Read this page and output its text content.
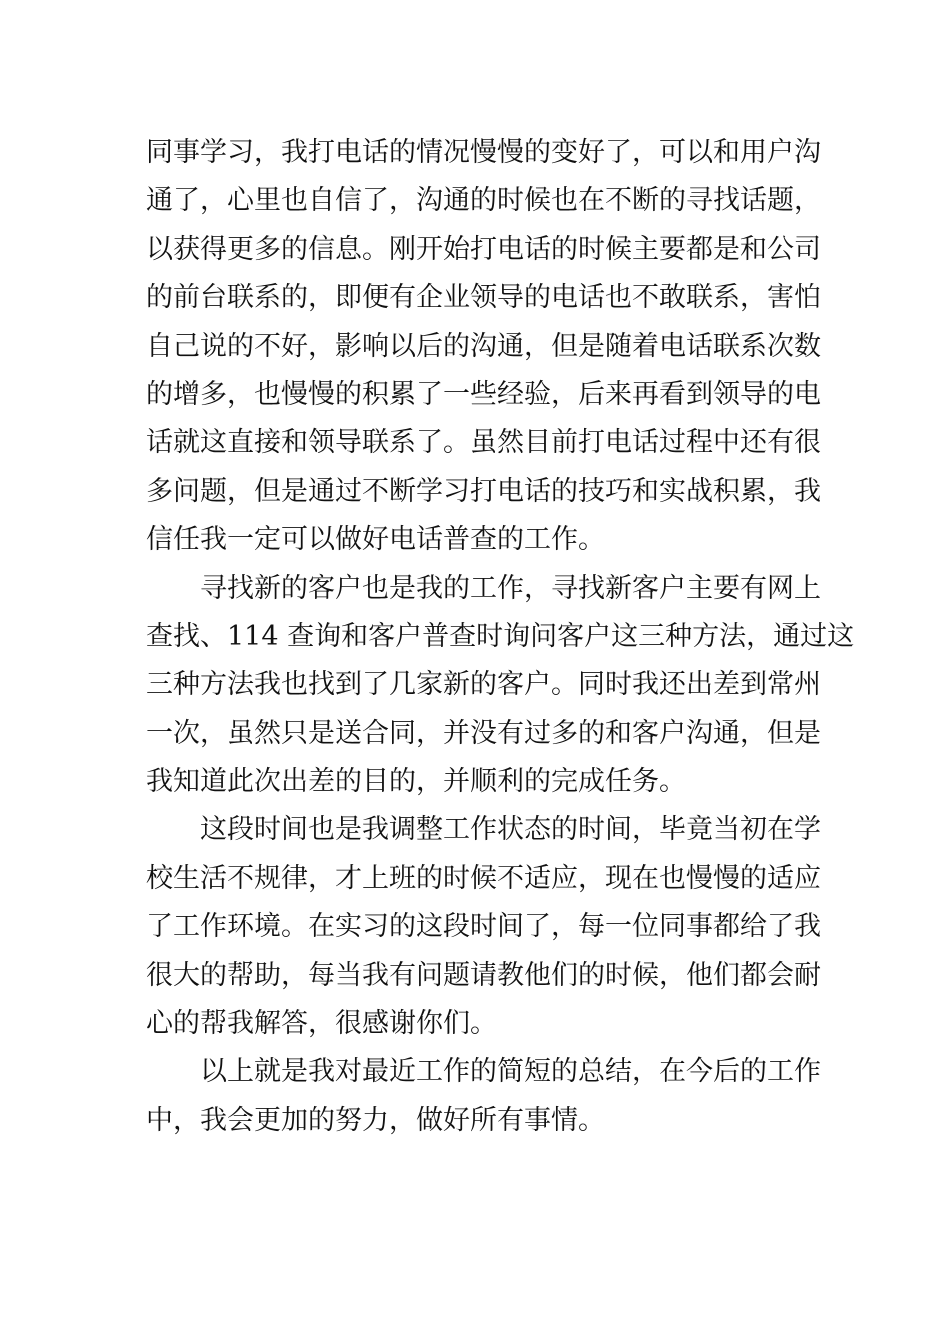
同事学习，我打电话的情况慢慢的变好了，可以和用户沟
通了，心里也自信了，沟通的时候也在不断的寻找话题，
以获得更多的信息。刚开始打电话的时候主要都是和公司
的前台联系的，即便有企业领导的电话也不敢联系，害怕
自己说的不好，影响以后的沟通，但是随着电话联系次数
的增多，也慢慢的积累了一些经验，后来再看到领导的电
话就这直接和领导联系了。虽然目前打电话过程中还有很
多问题，但是通过不断学习打电话的技巧和实战积累，我
信任我一定可以做好电话普查的工作。
寻找新的客户也是我的工作，寻找新客户主要有网上
查找、114 查询和客户普查时询问客户这三种方法，通过这
三种方法我也找到了几家新的客户。同时我还出差到常州
一次，虽然只是送合同，并没有过多的和客户沟通，但是
我知道此次出差的目的，并顺利的完成任务。
这段时间也是我调整工作状态的时间，毕竟当初在学
校生活不规律，才上班的时候不适应，现在也慢慢的适应
了工作环境。在实习的这段时间了，每一位同事都给了我
很大的帮助，每当我有问题请教他们的时候，他们都会耐
心的帮我解答，很感谢你们。
以上就是我对最近工作的简短的总结，在今后的工作
中，我会更加的努力，做好所有事情。
